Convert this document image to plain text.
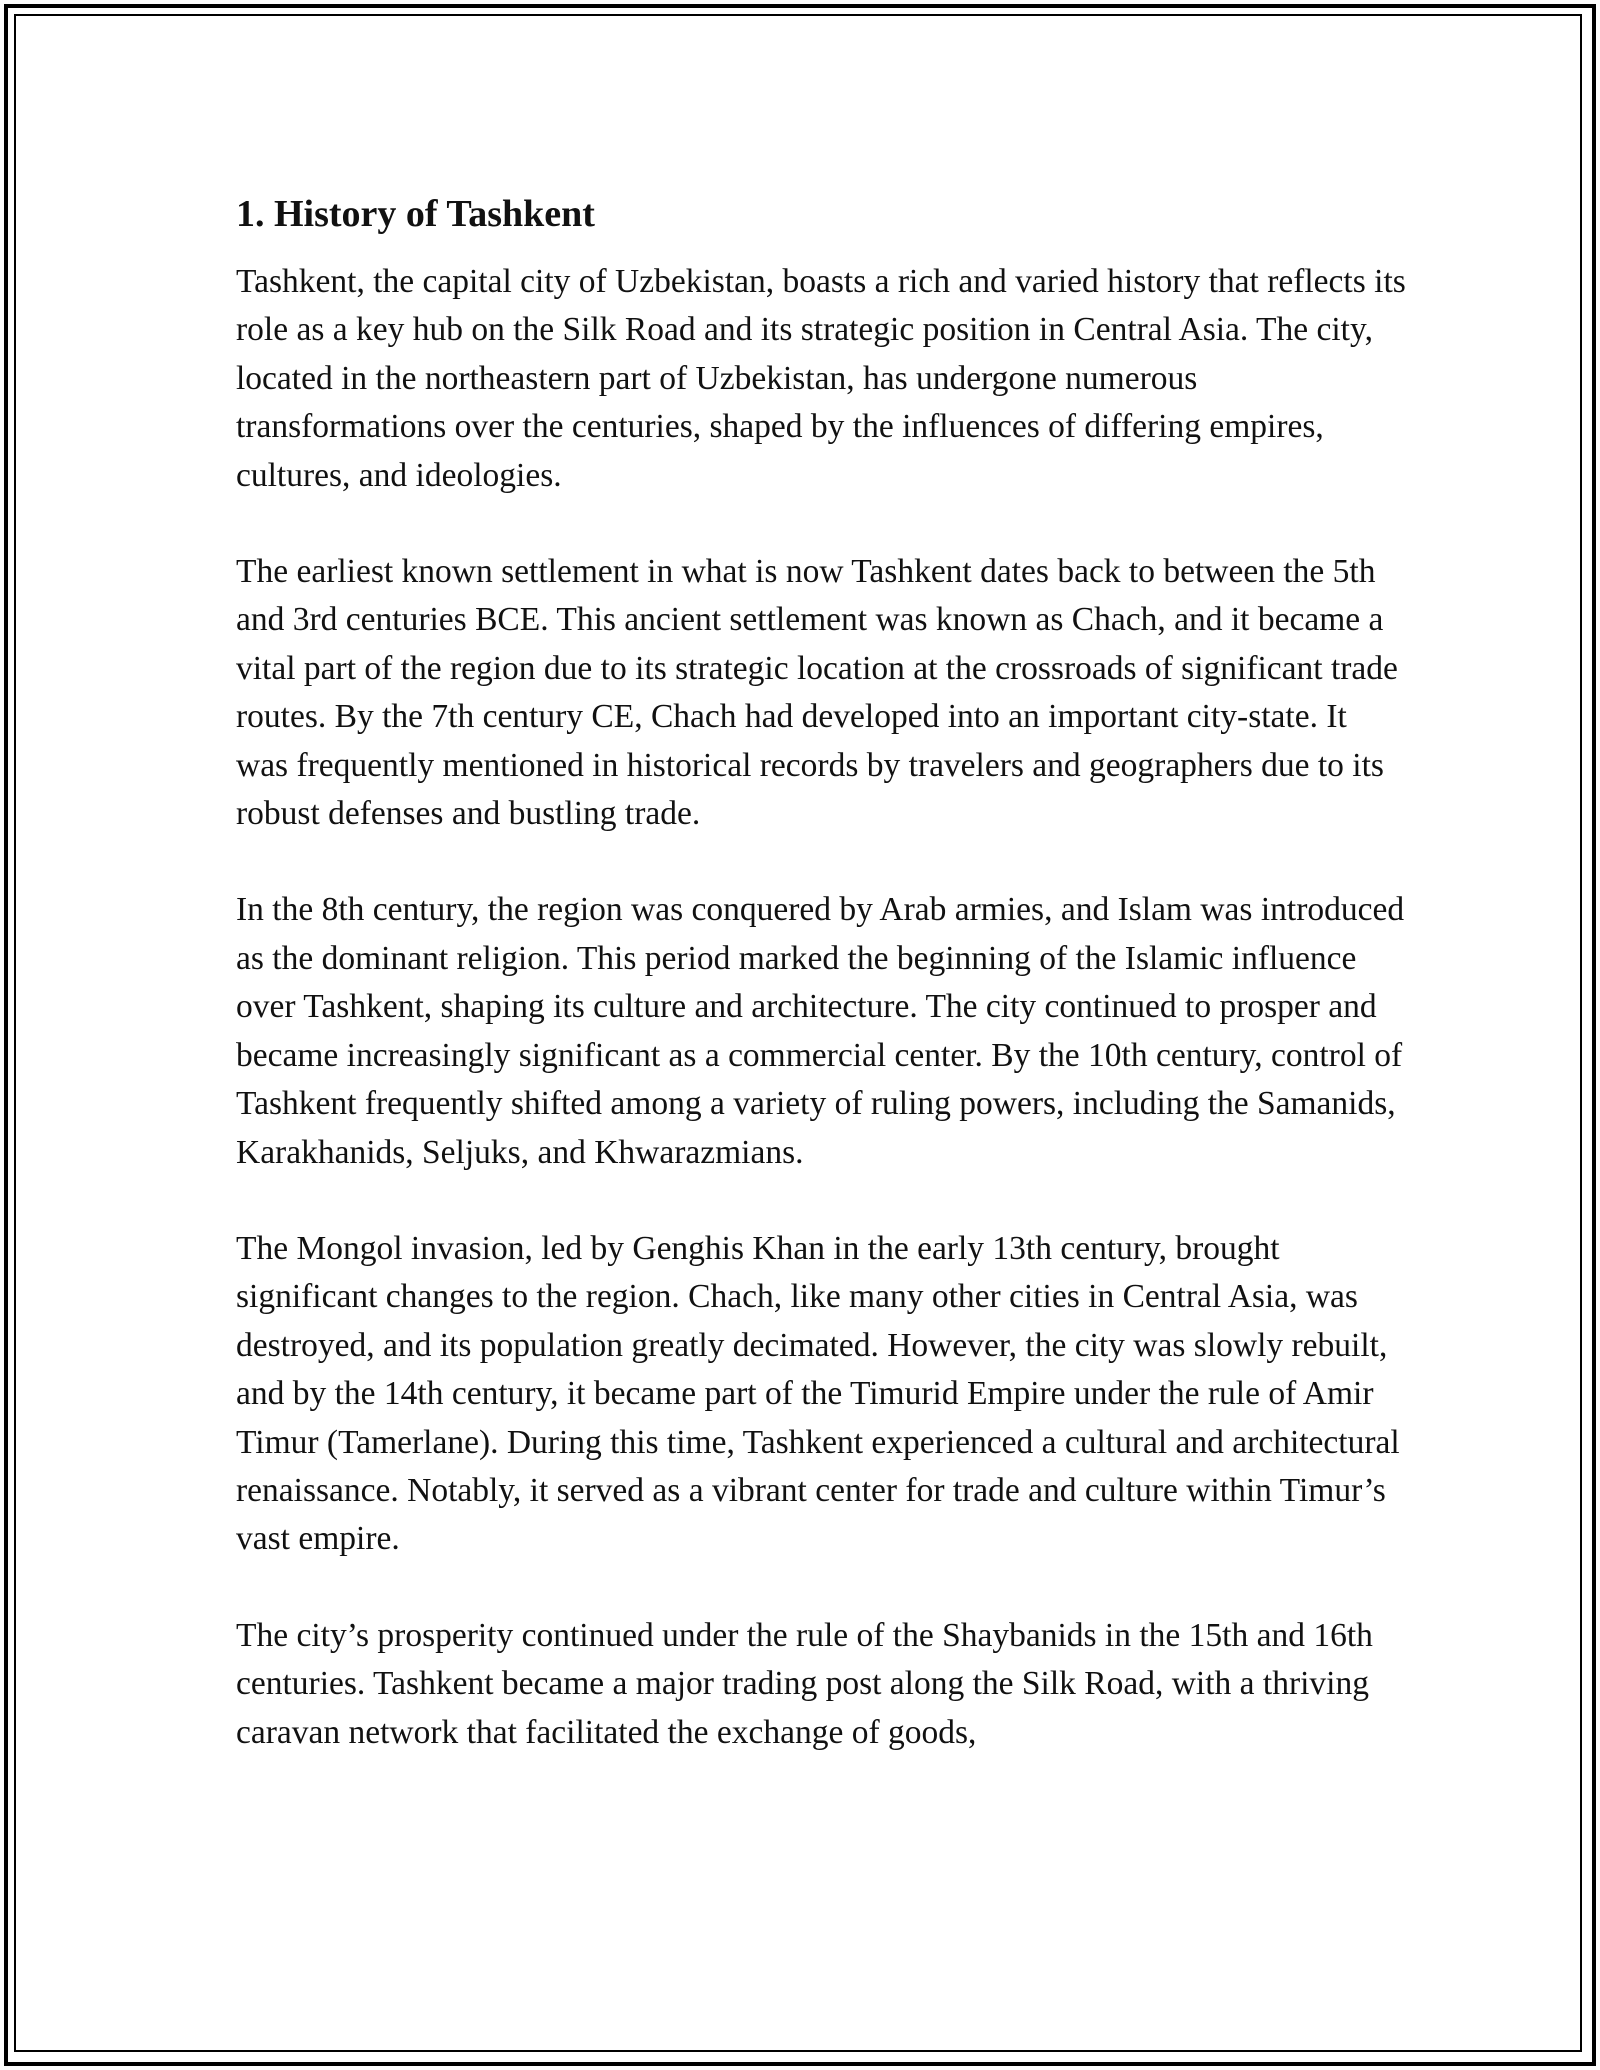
1. History of Tashkent

Tashkent, the capital city of Uzbekistan, boasts a rich and varied history that reflects its role as a key hub on the Silk Road and its strategic position in Central Asia. The city, located in the northeastern part of Uzbekistan, has undergone numerous transformations over the centuries, shaped by the influences of differing empires, cultures, and ideologies.

The earliest known settlement in what is now Tashkent dates back to between the 5th and 3rd centuries BCE. This ancient settlement was known as Chach, and it became a vital part of the region due to its strategic location at the crossroads of significant trade routes. By the 7th century CE, Chach had developed into an important city-state. It was frequently mentioned in historical records by travelers and geographers due to its robust defenses and bustling trade.

In the 8th century, the region was conquered by Arab armies, and Islam was introduced as the dominant religion. This period marked the beginning of the Islamic influence over Tashkent, shaping its culture and architecture. The city continued to prosper and became increasingly significant as a commercial center. By the 10th century, control of Tashkent frequently shifted among a variety of ruling powers, including the Samanids, Karakhanids, Seljuks, and Khwarazmians.

The Mongol invasion, led by Genghis Khan in the early 13th century, brought significant changes to the region. Chach, like many other cities in Central Asia, was destroyed, and its population greatly decimated. However, the city was slowly rebuilt, and by the 14th century, it became part of the Timurid Empire under the rule of Amir Timur (Tamerlane). During this time, Tashkent experienced a cultural and architectural renaissance. Notably, it served as a vibrant center for trade and culture within Timur’s vast empire.

The city’s prosperity continued under the rule of the Shaybanids in the 15th and 16th centuries. Tashkent became a major trading post along the Silk Road, with a thriving caravan network that facilitated the exchange of goods,
